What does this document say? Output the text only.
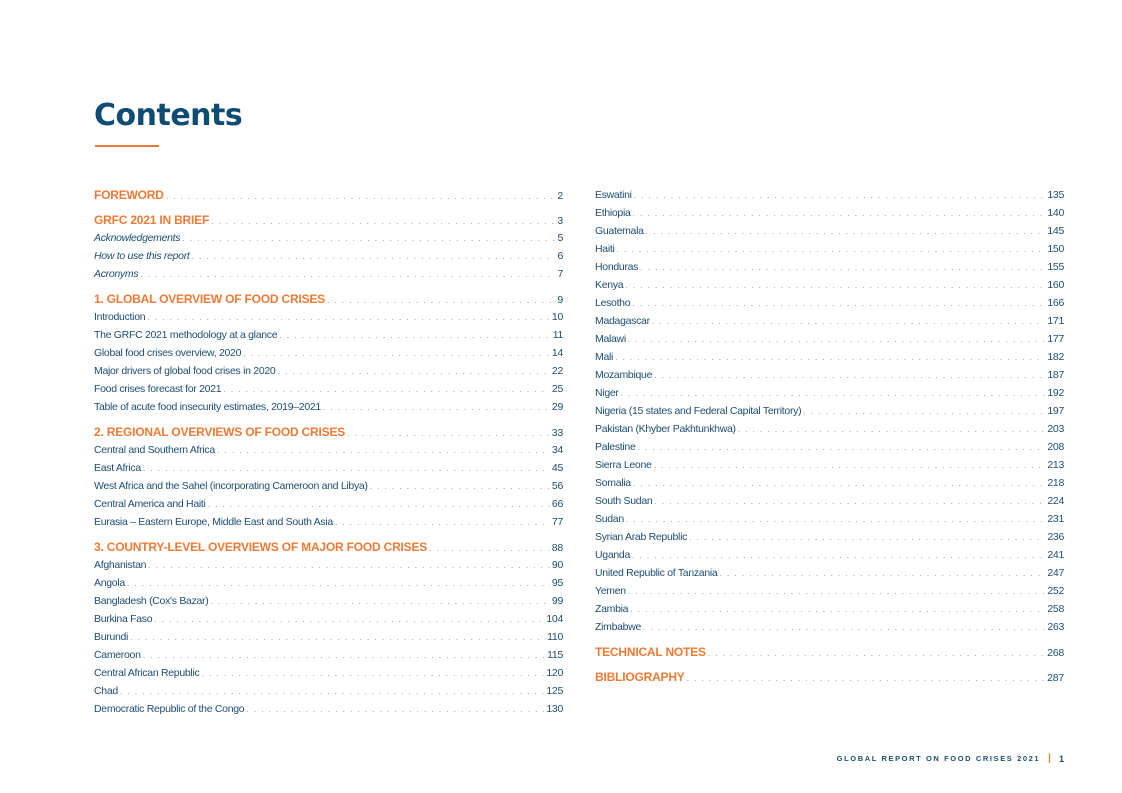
Contents
FOREWORD . . .	2
GRFC 2021 IN BRIEF . . .	3
Acknowledgements . . .	5
How to use this report . . .	6
Acronyms . . .	7
1. GLOBAL OVERVIEW OF FOOD CRISES . . .	9
Introduction . . .	10
The GRFC 2021 methodology at a glance . . .	11
Global food crises overview, 2020 . . .	14
Major drivers of global food crises in 2020 . . .	22
Food crises forecast for 2021 . . .	25
Table of acute food insecurity estimates, 2019–2021 . . .	29
2. REGIONAL OVERVIEWS OF FOOD CRISES . . .	33
Central and Southern Africa . . .	34
East Africa . . .	45
West Africa and the Sahel (incorporating Cameroon and Libya) . . .	56
Central America and Haiti . . .	66
Eurasia – Eastern Europe, Middle East and South Asia . . .	77
3. COUNTRY-LEVEL OVERVIEWS OF MAJOR FOOD CRISES . . .	88
Afghanistan . . .	90
Angola . . .	95
Bangladesh (Cox's Bazar) . . .	99
Burkina Faso . . .	104
Burundi . . .	110
Cameroon . . .	115
Central African Republic . . .	120
Chad . . .	125
Democratic Republic of the Congo . . .	130
Eswatini . . .	135
Ethiopia . . .	140
Guatemala . . .	145
Haiti . . .	150
Honduras . . .	155
Kenya . . .	160
Lesotho . . .	166
Madagascar . . .	171
Malawi . . .	177
Mali . . .	182
Mozambique . . .	187
Niger . . .	192
Nigeria (15 states and Federal Capital Territory) . . .	197
Pakistan (Khyber Pakhtunkhwa) . . .	203
Palestine . . .	208
Sierra Leone . . .	213
Somalia . . .	218
South Sudan . . .	224
Sudan . . .	231
Syrian Arab Republic . . .	236
Uganda . . .	241
United Republic of Tanzania . . .	247
Yemen . . .	252
Zambia . . .	258
Zimbabwe . . .	263
TECHNICAL NOTES . . .	268
BIBLIOGRAPHY . . .	287
GLOBAL REPORT ON FOOD CRISES 2021 | 1
